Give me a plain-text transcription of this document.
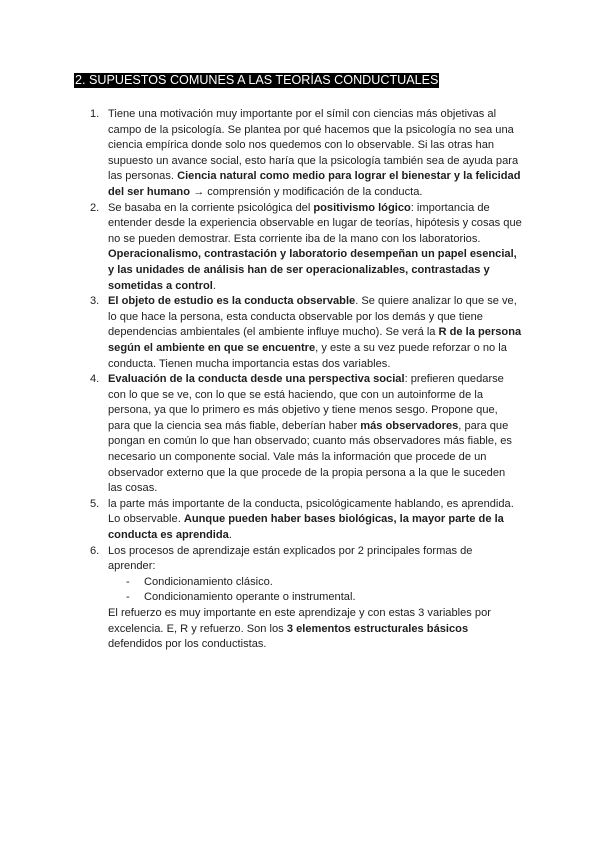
2. SUPUESTOS COMUNES A LAS TEORÍAS CONDUCTUALES
1. Tiene una motivación muy importante por el símil con ciencias más objetivas al campo de la psicología. Se plantea por qué hacemos que la psicología no sea una ciencia empírica donde solo nos quedemos con lo observable. Si las otras han supuesto un avance social, esto haría que la psicología también sea de ayuda para las personas. Ciencia natural como medio para lograr el bienestar y la felicidad del ser humano → comprensión y modificación de la conducta.
2. Se basaba en la corriente psicológica del positivismo lógico: importancia de entender desde la experiencia observable en lugar de teorías, hipótesis y cosas que no se pueden demostrar. Esta corriente iba de la mano con los laboratorios. Operacionalismo, contrastación y laboratorio desempeñan un papel esencial, y las unidades de análisis han de ser operacionalizables, contrastadas y sometidas a control.
3. El objeto de estudio es la conducta observable. Se quiere analizar lo que se ve, lo que hace la persona, esta conducta observable por los demás y que tiene dependencias ambientales (el ambiente influye mucho). Se verá la R de la persona según el ambiente en que se encuentre, y este a su vez puede reforzar o no la conducta. Tienen mucha importancia estas dos variables.
4. Evaluación de la conducta desde una perspectiva social: prefieren quedarse con lo que se ve, con lo que se está haciendo, que con un autoinforme de la persona, ya que lo primero es más objetivo y tiene menos sesgo. Propone que, para que la ciencia sea más fiable, deberían haber más observadores, para que pongan en común lo que han observado; cuanto más observadores más fiable, es necesario un componente social. Vale más la información que procede de un observador externo que la que procede de la propia persona a la que le suceden las cosas.
5. la parte más importante de la conducta, psicológicamente hablando, es aprendida. Lo observable. Aunque pueden haber bases biológicas, la mayor parte de la conducta es aprendida.
6. Los procesos de aprendizaje están explicados por 2 principales formas de aprender:
- Condicionamiento clásico.
- Condicionamiento operante o instrumental.
El refuerzo es muy importante en este aprendizaje y con estas 3 variables por excelencia. E, R y refuerzo. Son los 3 elementos estructurales básicos defendidos por los conductistas.
